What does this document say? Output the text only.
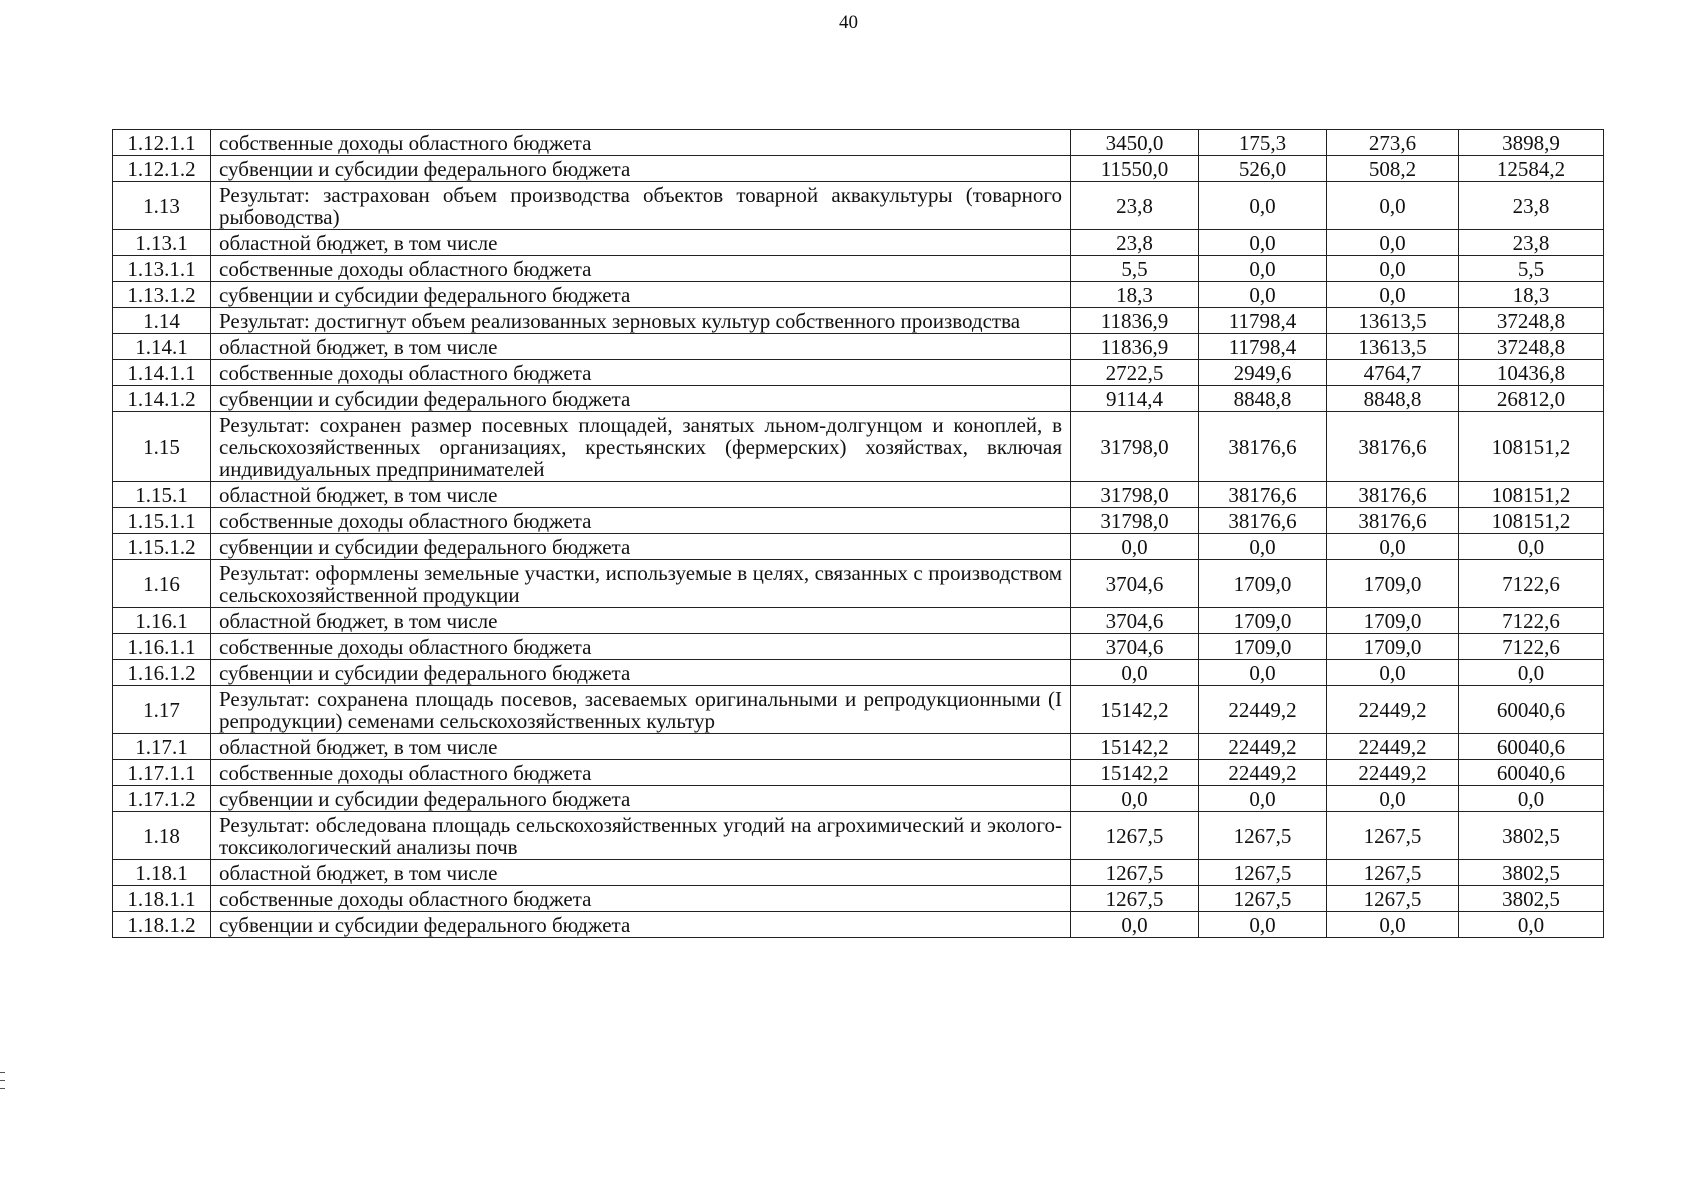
40
1.12.1.1	собственные доходы областного бюджета	3450,0	175,3	273,6	3898,9
1.12.1.2	субвенции и субсидии федерального бюджета	11550,0	526,0	508,2	12584,2
1.13	Результат: застрахован объем производства объектов товарной аквакультуры (товарного рыбоводства)	23,8	0,0	0,0	23,8
1.13.1	областной бюджет, в том числе	23,8	0,0	0,0	23,8
1.13.1.1	собственные доходы областного бюджета	5,5	0,0	0,0	5,5
1.13.1.2	субвенции и субсидии федерального бюджета	18,3	0,0	0,0	18,3
1.14	Результат: достигнут объем реализованных зерновых культур собственного производства	11836,9	11798,4	13613,5	37248,8
1.14.1	областной бюджет, в том числе	11836,9	11798,4	13613,5	37248,8
1.14.1.1	собственные доходы областного бюджета	2722,5	2949,6	4764,7	10436,8
1.14.1.2	субвенции и субсидии федерального бюджета	9114,4	8848,8	8848,8	26812,0
1.15	Результат: сохранен размер посевных площадей, занятых льном-долгунцом и коноплей, в сельскохозяйственных организациях, крестьянских (фермерских) хозяйствах, включая индивидуальных предпринимателей	31798,0	38176,6	38176,6	108151,2
1.15.1	областной бюджет, в том числе	31798,0	38176,6	38176,6	108151,2
1.15.1.1	собственные доходы областного бюджета	31798,0	38176,6	38176,6	108151,2
1.15.1.2	субвенции и субсидии федерального бюджета	0,0	0,0	0,0	0,0
1.16	Результат: оформлены земельные участки, используемые в целях, связанных с производством сельскохозяйственной продукции	3704,6	1709,0	1709,0	7122,6
1.16.1	областной бюджет, в том числе	3704,6	1709,0	1709,0	7122,6
1.16.1.1	собственные доходы областного бюджета	3704,6	1709,0	1709,0	7122,6
1.16.1.2	субвенции и субсидии федерального бюджета	0,0	0,0	0,0	0,0
1.17	Результат: сохранена площадь посевов, засеваемых оригинальными и репродукционными (I репродукции) семенами сельскохозяйственных культур	15142,2	22449,2	22449,2	60040,6
1.17.1	областной бюджет, в том числе	15142,2	22449,2	22449,2	60040,6
1.17.1.1	собственные доходы областного бюджета	15142,2	22449,2	22449,2	60040,6
1.17.1.2	субвенции и субсидии федерального бюджета	0,0	0,0	0,0	0,0
1.18	Результат: обследована площадь сельскохозяйственных угодий на агрохимический и эколого-токсикологический анализы почв	1267,5	1267,5	1267,5	3802,5
1.18.1	областной бюджет, в том числе	1267,5	1267,5	1267,5	3802,5
1.18.1.1	собственные доходы областного бюджета	1267,5	1267,5	1267,5	3802,5
1.18.1.2	субвенции и субсидии федерального бюджета	0,0	0,0	0,0	0,0
